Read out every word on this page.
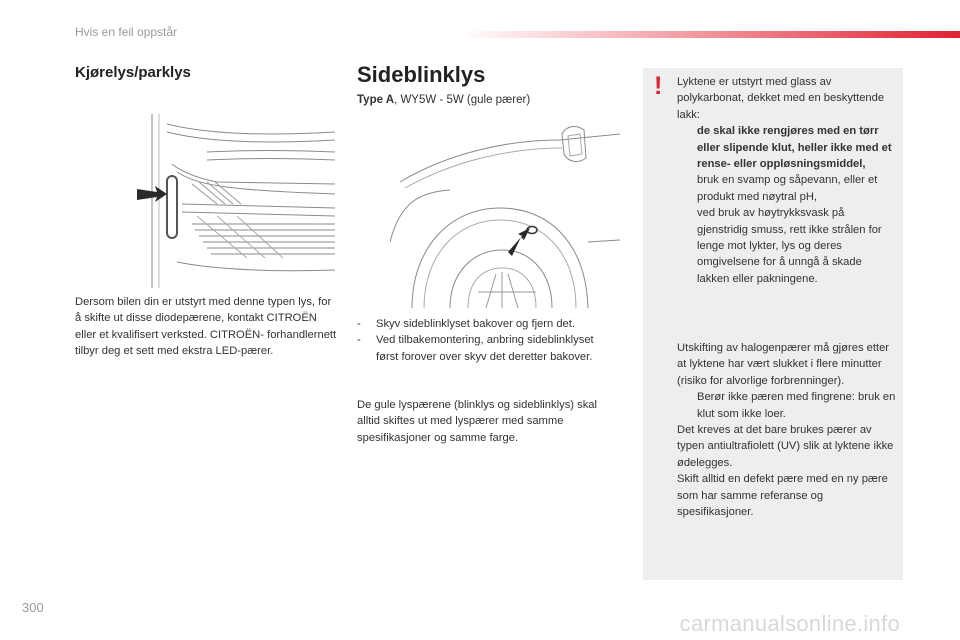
Hvis en feil oppstår
Kjørelys/parklys
Dersom bilen din er utstyrt med denne typen lys, for å skifte ut disse diodepærene, kontakt CITROËN eller et kvalifisert verksted. CITROËN- forhandlernett tilbyr deg et sett med ekstra LED-pærer.
Sideblinklys
Type A, WY5W - 5W (gule pærer)
-	Skyv sideblinklyset bakover og fjern det.
-	Ved tilbakemontering, anbring sideblinklyset først forover over skyv det deretter bakover.
De gule lyspærene (blinklys og sideblinklys) skal alltid skiftes ut med lyspærer med samme spesifikasjoner og samme farge.
! Lyktene er utstyrt med glass av polykarbonat, dekket med en beskyttende lakk:
de skal ikke rengjøres med en tørr eller slipende klut, heller ikke med et rense- eller oppløsningsmiddel,
bruk en svamp og såpevann, eller et produkt med nøytral pH,
ved bruk av høytrykksvask på gjenstridig smuss, rett ikke strålen for lenge mot lykter, lys og deres omgivelsene for å unngå å skade lakken eller pakningene.
Utskifting av halogenpærer må gjøres etter at lyktene har vært slukket i flere minutter (risiko for alvorlige forbrenninger).
Berør ikke pæren med fingrene: bruk en klut som ikke loer.
Det kreves at det bare brukes pærer av typen antiultrafiolett (UV) slik at lyktene ikke ødelegges.
Skift alltid en defekt pære med en ny pære som har samme referanse og spesifikasjoner.
300
carmanualsonline.info
